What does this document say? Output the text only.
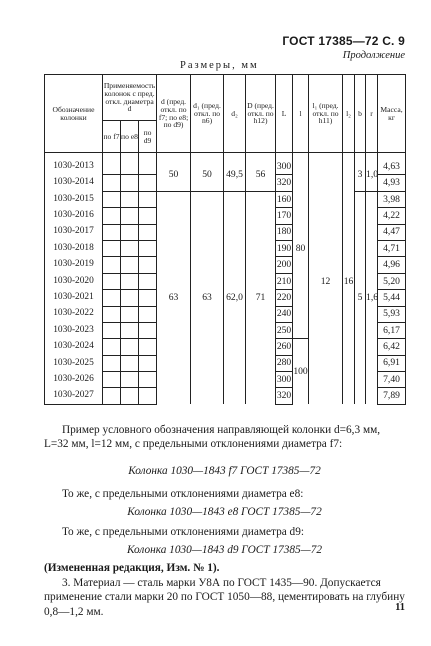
ГОСТ 17385—72 С. 9
Продолжение
Размеры, мм
Обозначение колонки	Применяемость колонок с пред. откл. диаметра d			d (пред. откл. по f7; по e8; по d9)	d₁ (пред. откл. по n6)	d₂	D (пред. откл. по h12)	L	l	l₁ (пред. откл. по h11)	l₂	b	r	Масса, кг
	по f7	по e8	по d9											
1030-2013				50	50	49,5	56	300	80	12	16	3	1,0	4,63
1030-2014								320						4,93
1030-2015				63	63	62,0	71	160				5	1,6	3,98
1030-2016								170						4,22
1030-2017								180						4,47
1030-2018								190						4,71
1030-2019								200						4,96
1030-2020								210						5,20
1030-2021								220						5,44
1030-2022								240						5,93
1030-2023								250						6,17
1030-2024								260	100					6,42
1030-2025								280						6,91
1030-2026								300						7,40
1030-2027								320						7,89
Пример условного обозначения направляющей колонки d=6,3 мм, L=32 мм, l=12 мм, с предельными отклонениями диаметра f7:
Колонка 1030—1843 f7 ГОСТ 17385—72
То же, с предельными отклонениями диаметра е8:
Колонка 1030—1843 е8 ГОСТ 17385—72
То же, с предельными отклонениями диаметра d9:
Колонка 1030—1843 d9 ГОСТ 17385—72
(Измененная редакция, Изм. № 1).
3. Материал — сталь марки У8А по ГОСТ 1435—90. Допускается применение стали марки 20 по ГОСТ 1050—88, цементировать на глубину 0,8—1,2 мм.	11
